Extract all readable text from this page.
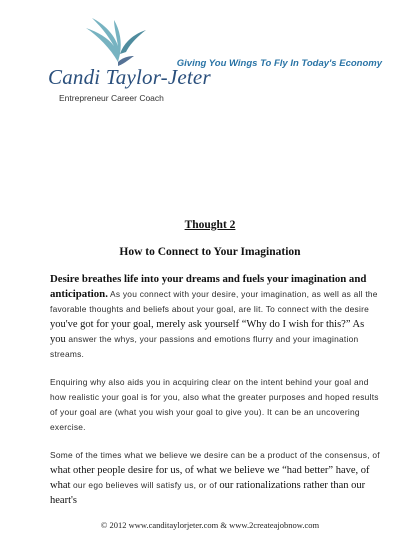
Candi Taylor-Jeter
Entrepreneur Career Coach
Giving You Wings To Fly In Today's Economy
Thought 2
How to Connect to Your Imagination

Desire breathes life into your dreams and fuels your imagination and anticipation. As you connect with your desire, your imagination, as well as all the favorable thoughts and beliefs about your goal, are lit. To connect with the desire you've got for your goal, merely ask yourself “Why do I wish for this?” As you answer the whys, your passions and emotions flurry and your imagination streams.

Enquiring why also aids you in acquiring clear on the intent behind your goal and how realistic your goal is for you, also what the greater purposes and hoped results of your goal are (what you wish your goal to give you). It can be an uncovering exercise.

Some of the times what we believe we desire can be a product of the consensus, of what other people desire for us, of what we believe we “had better” have, of what our ego believes will satisfy us, or of our rationalizations rather than our heart's

© 2012 www.canditaylorjeter.com & www.2createajobnow.com
